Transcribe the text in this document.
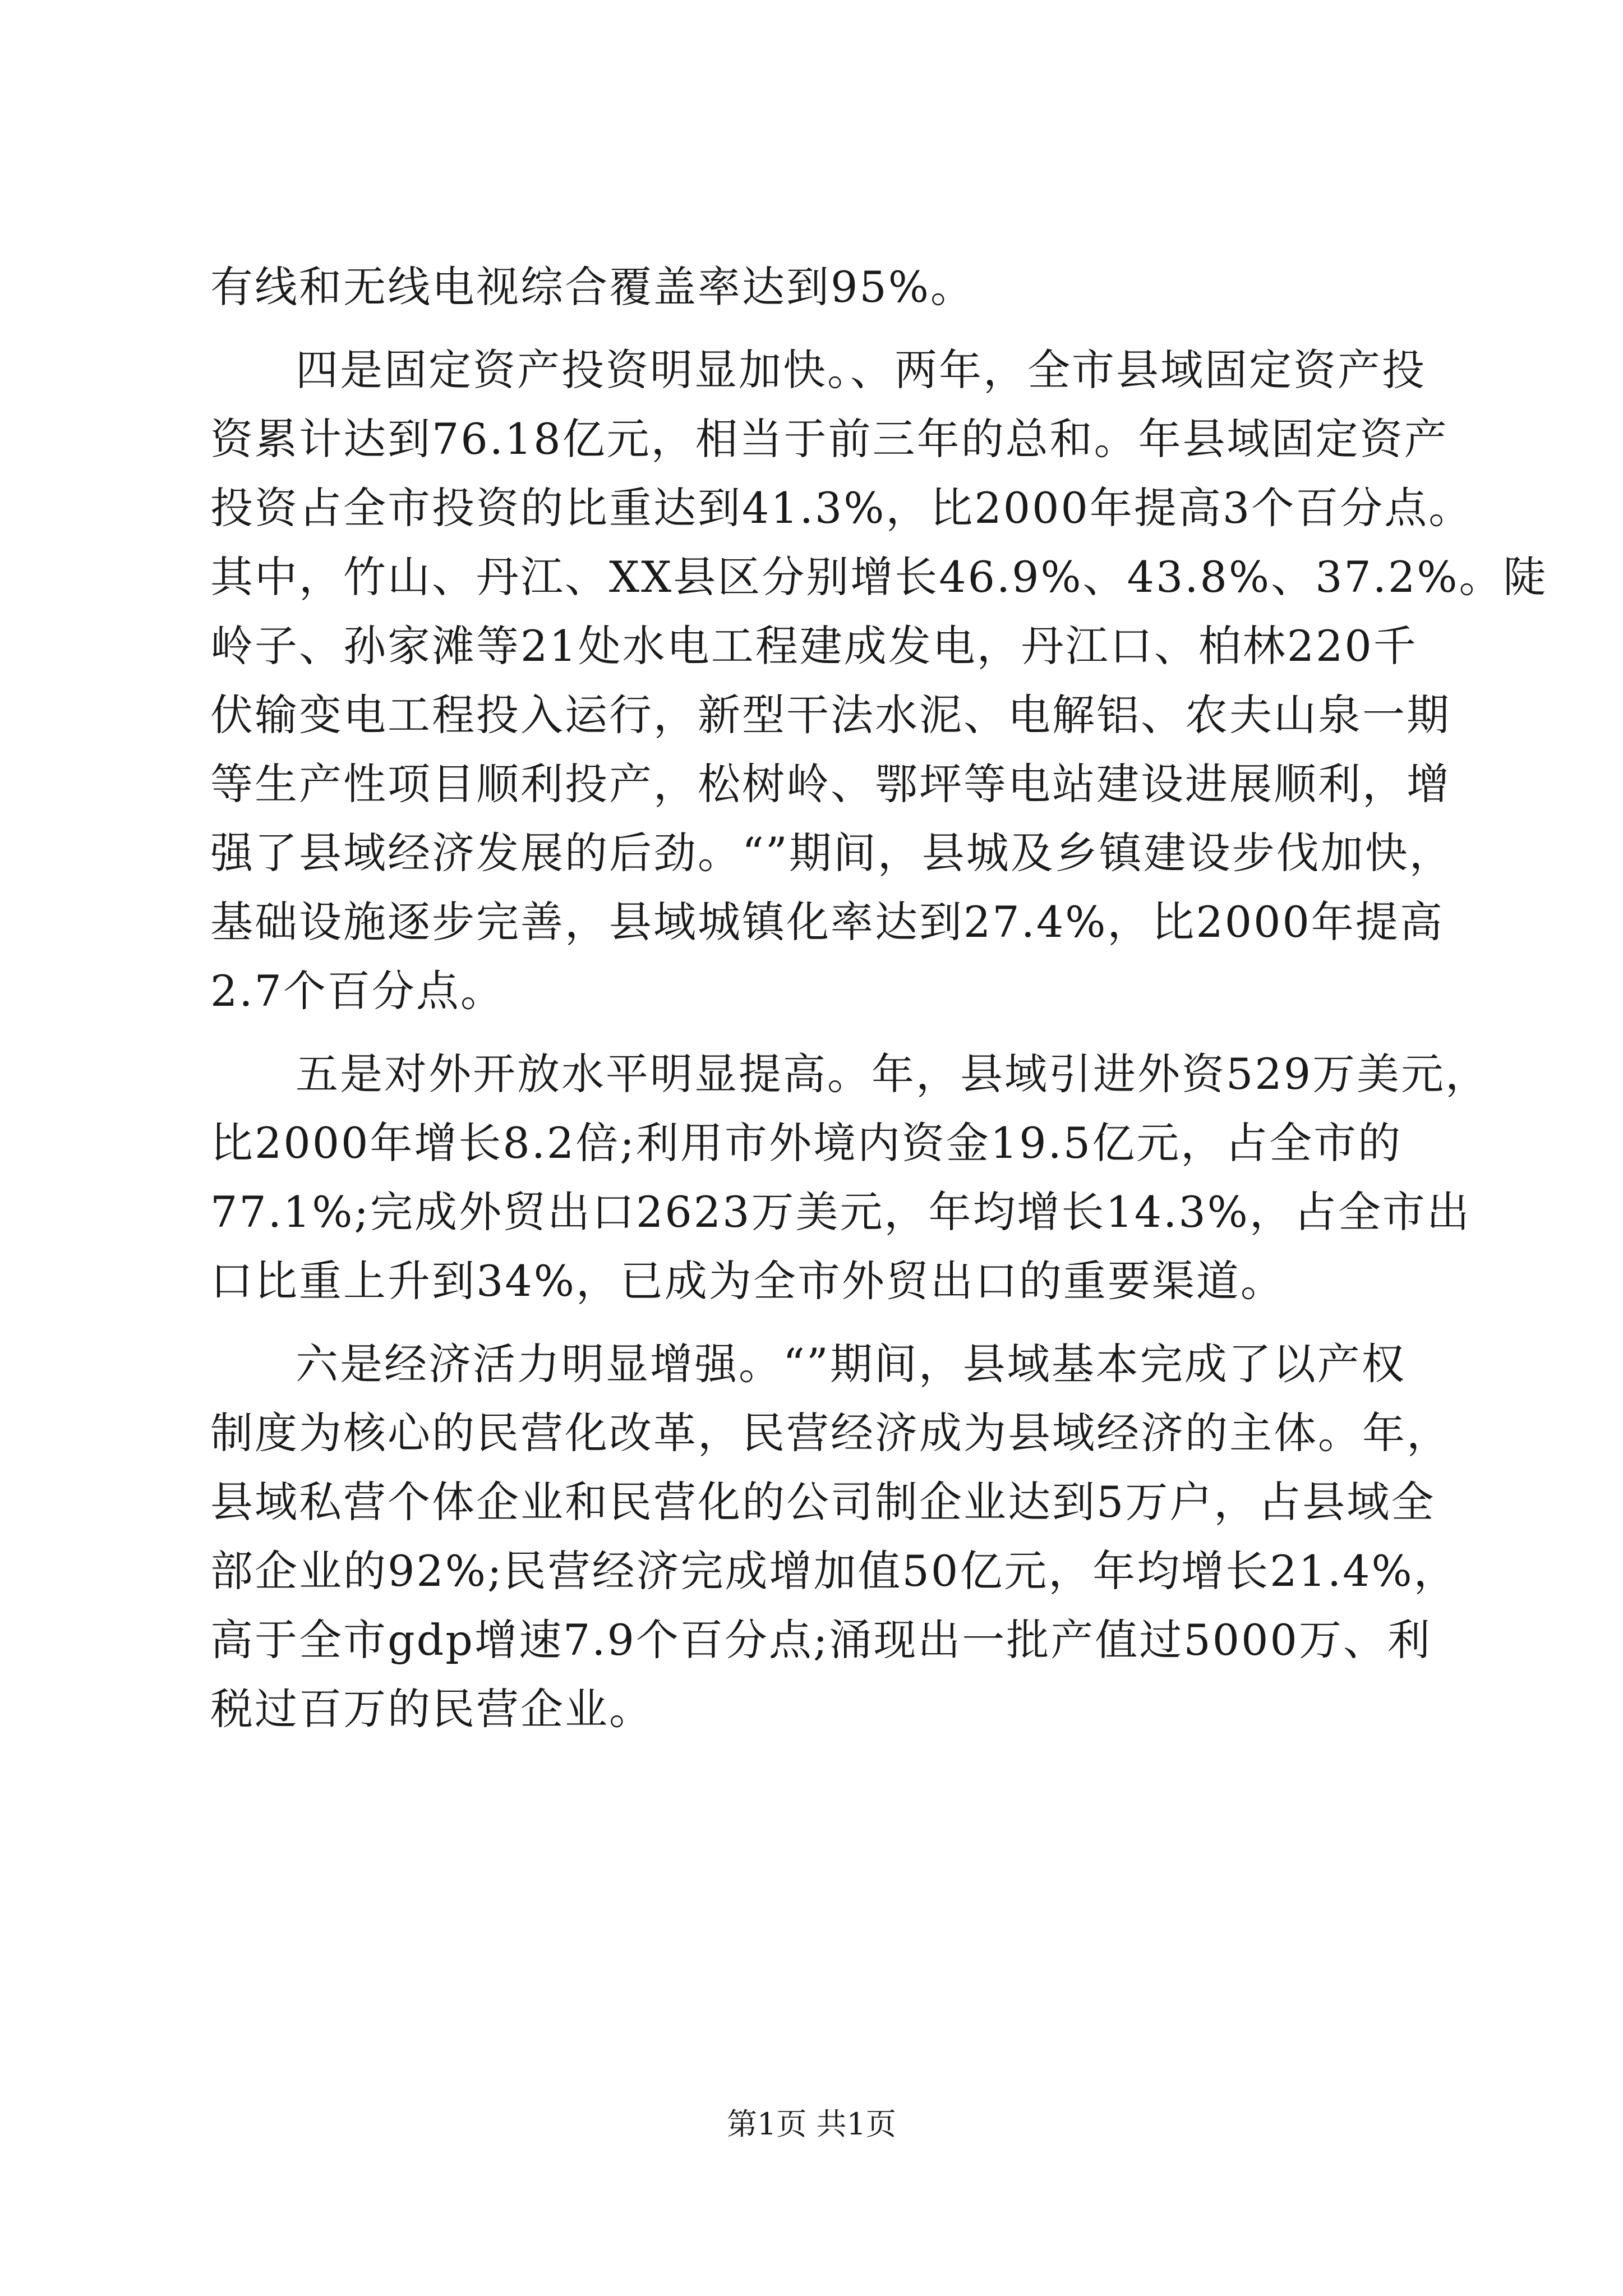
有线和无线电视综合覆盖率达到95%。
四是固定资产投资明显加快。、两年，全市县域固定资产投
资累计达到76.18亿元，相当于前三年的总和。年县域固定资产
投资占全市投资的比重达到41.3%，比2000年提高3个百分点。
其中，竹山、丹江、XX县区分别增长46.9%、43.8%、37.2%。陡
岭子、孙家滩等21处水电工程建成发电，丹江口、柏林220千
伏输变电工程投入运行，新型干法水泥、电解铝、农夫山泉一期
等生产性项目顺利投产，松树岭、鄂坪等电站建设进展顺利，增
强了县域经济发展的后劲。“”期间，县城及乡镇建设步伐加快，
基础设施逐步完善，县域城镇化率达到27.4%，比2000年提高
2.7个百分点。
五是对外开放水平明显提高。年，县域引进外资529万美元，
比2000年增长8.2倍;利用市外境内资金19.5亿元，占全市的
77.1%;完成外贸出口2623万美元，年均增长14.3%，占全市出
口比重上升到34%，已成为全市外贸出口的重要渠道。
六是经济活力明显增强。“”期间，县域基本完成了以产权
制度为核心的民营化改革，民营经济成为县域经济的主体。年，
县域私营个体企业和民营化的公司制企业达到5万户，占县域全
部企业的92%;民营经济完成增加值50亿元，年均增长21.4%，
高于全市gdp增速7.9个百分点;涌现出一批产值过5000万、利
税过百万的民营企业。
第1页 共1页
